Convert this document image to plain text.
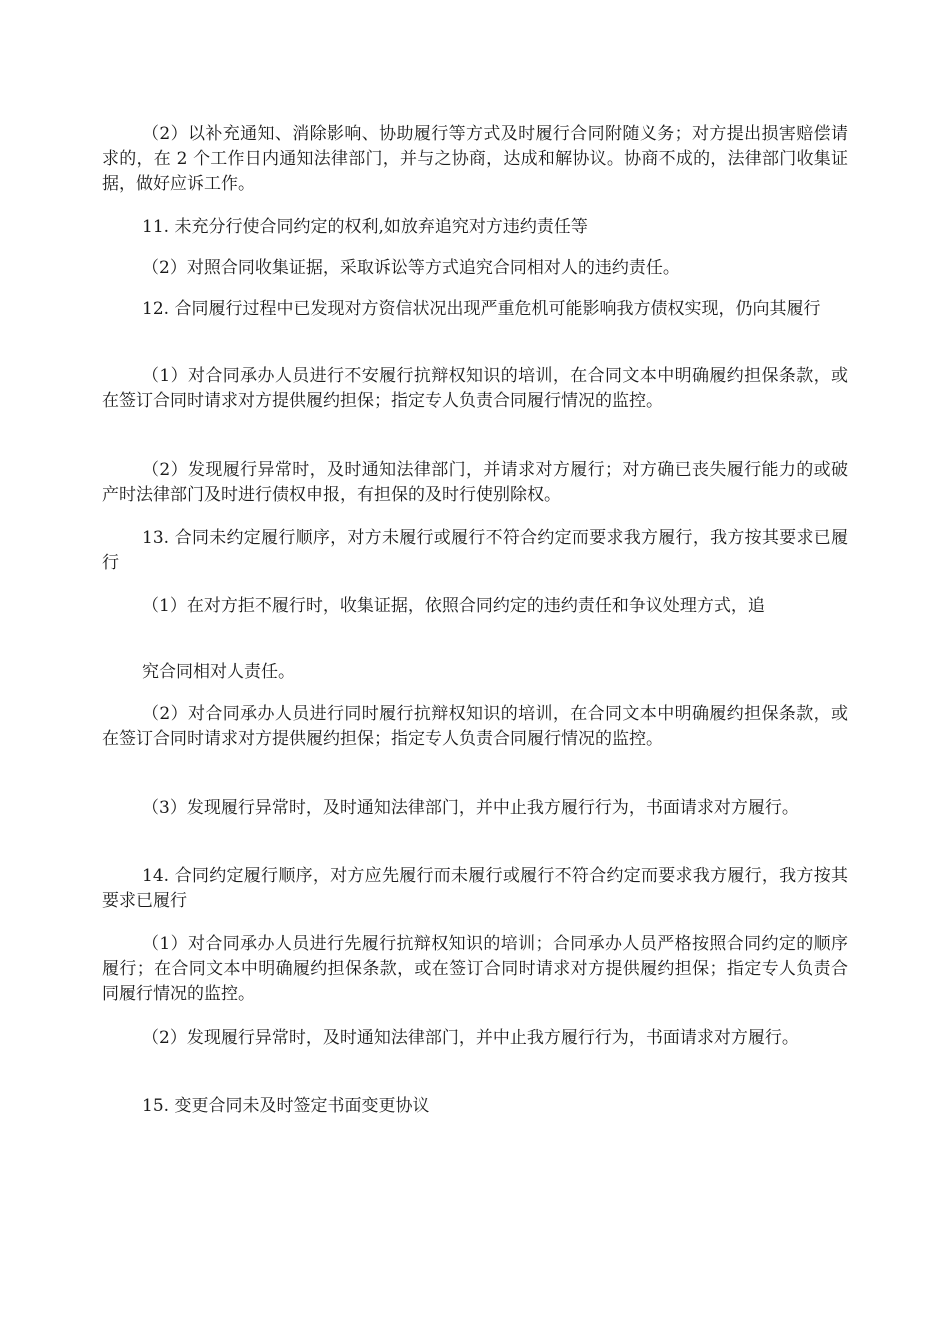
（2）以补充通知、消除影响、协助履行等方式及时履行合同附随义务；对方提出损害赔偿请求的，在 2 个工作日内通知法律部门，并与之协商，达成和解协议。协商不成的，法律部门收集证据，做好应诉工作。

11. 未充分行使合同约定的权利,如放弃追究对方违约责任等

（2）对照合同收集证据，采取诉讼等方式追究合同相对人的违约责任。

12. 合同履行过程中已发现对方资信状况出现严重危机可能影响我方债权实现，仍向其履行

（1）对合同承办人员进行不安履行抗辩权知识的培训，在合同文本中明确履约担保条款，或在签订合同时请求对方提供履约担保；指定专人负责合同履行情况的监控。

（2）发现履行异常时，及时通知法律部门，并请求对方履行；对方确已丧失履行能力的或破产时法律部门及时进行债权申报，有担保的及时行使别除权。

13. 合同未约定履行顺序，对方未履行或履行不符合约定而要求我方履行，我方按其要求已履行

（1）在对方拒不履行时，收集证据，依照合同约定的违约责任和争议处理方式，追

究合同相对人责任。

（2）对合同承办人员进行同时履行抗辩权知识的培训，在合同文本中明确履约担保条款，或在签订合同时请求对方提供履约担保；指定专人负责合同履行情况的监控。

（3）发现履行异常时，及时通知法律部门，并中止我方履行行为，书面请求对方履行。

14. 合同约定履行顺序，对方应先履行而未履行或履行不符合约定而要求我方履行，我方按其要求已履行

（1）对合同承办人员进行先履行抗辩权知识的培训；合同承办人员严格按照合同约定的顺序履行；在合同文本中明确履约担保条款，或在签订合同时请求对方提供履约担保；指定专人负责合同履行情况的监控。

（2）发现履行异常时，及时通知法律部门，并中止我方履行行为，书面请求对方履行。

15. 变更合同未及时签定书面变更协议
